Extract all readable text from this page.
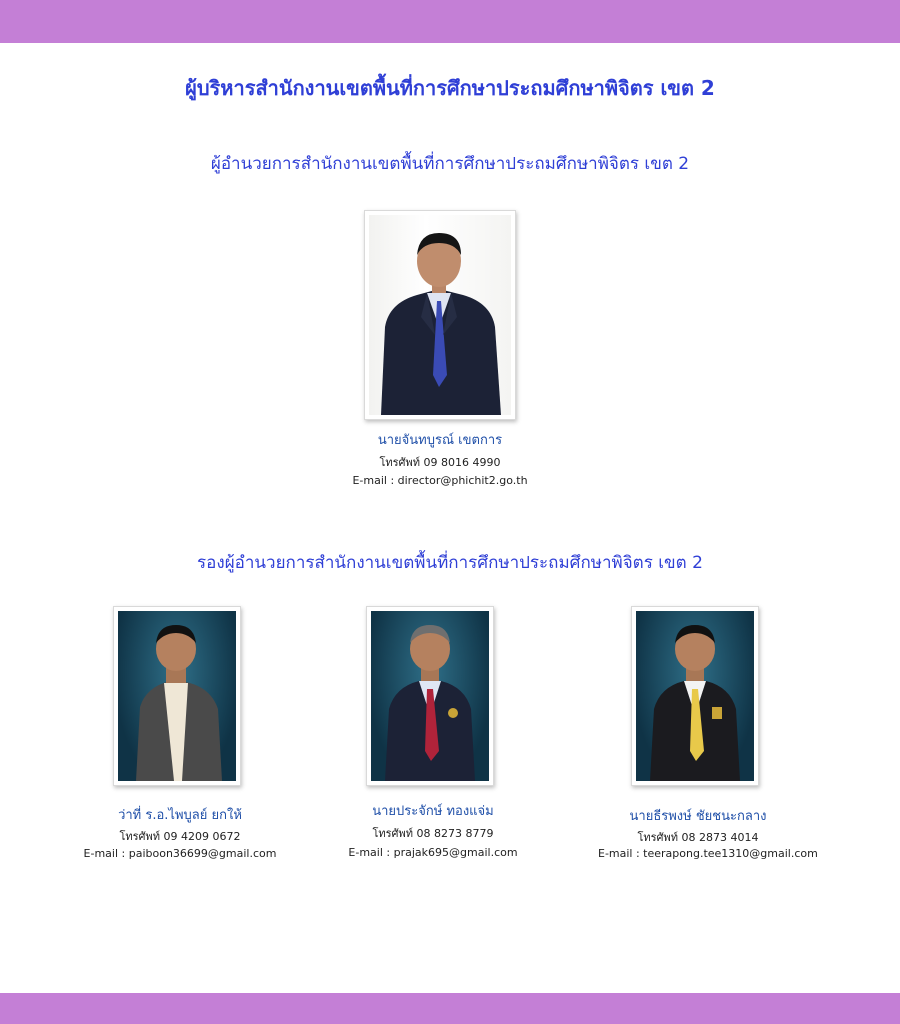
ผู้บริหารสำนักงานเขตพื้นที่การศึกษาประถมศึกษาพิจิตร เขต 2
ผู้อำนวยการสำนักงานเขตพื้นที่การศึกษาประถมศึกษาพิจิตร เขต 2
นายจันทบูรณ์ เขตการ
โทรศัพท์ 09 8016 4990
E-mail : director@phichit2.go.th
รองผู้อำนวยการสำนักงานเขตพื้นที่การศึกษาประถมศึกษาพิจิตร เขต 2
ว่าที่ ร.อ.ไพบูลย์ ยกให้
โทรศัพท์ 09 4209 0672
E-mail : paiboon36699@gmail.com
นายประจักษ์ ทองแจ่ม
โทรศัพท์ 08 8273 8779
E-mail : prajak695@gmail.com
นายธีรพงษ์ ชัยชนะกลาง
โทรศัพท์ 08 2873 4014
E-mail : teerapong.tee1310@gmail.com
